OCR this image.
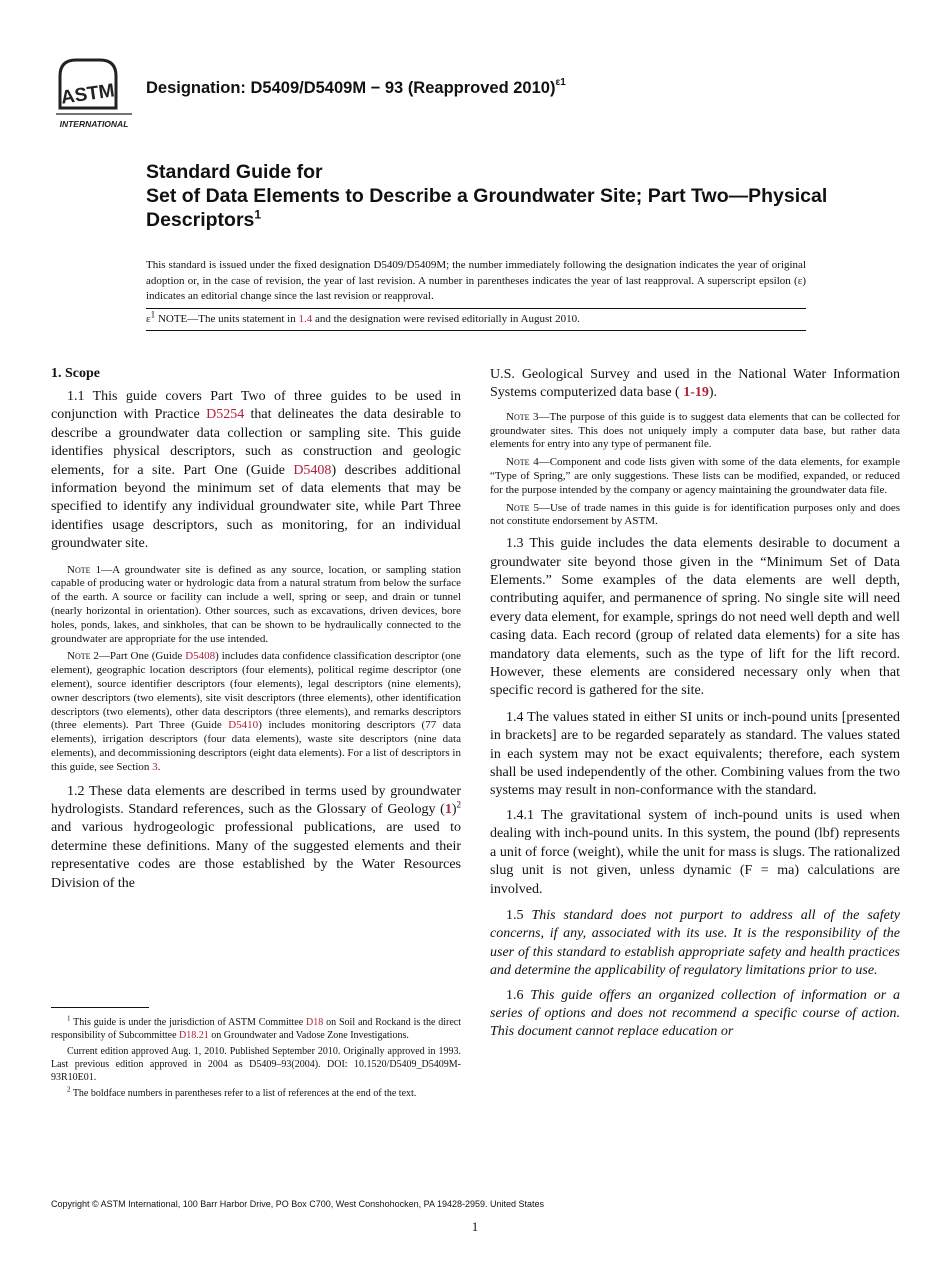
ASTM
INTERNATIONAL
Designation: D5409/D5409M − 93 (Reapproved 2010)$^{\varepsilon 1}$
Standard Guide for
Set of Data Elements to Describe a Groundwater Site; Part Two—Physical Descriptors$^1$
This standard is issued under the fixed designation D5409/D5409M; the number immediately following the designation indicates the year of original adoption or, in the case of revision, the year of last revision. A number in parentheses indicates the year of last reapproval. A superscript epsilon (ε) indicates an editorial change since the last revision or reapproval.
$\varepsilon^1$ NOTE—The units statement in 1.4 and the designation were revised editorially in August 2010.
1. Scope

1.1 This guide covers Part Two of three guides to be used in conjunction with Practice D5254 that delineates the data desirable to describe a groundwater data collection or sampling site. This guide identifies physical descriptors, such as construction and geologic elements, for a site. Part One (Guide D5408) describes additional information beyond the minimum set of data elements that may be specified to identify any individual groundwater site, while Part Three identifies usage descriptors, such as monitoring, for an individual groundwater site.

Note 1—A groundwater site is defined as any source, location, or sampling station capable of producing water or hydrologic data from a natural stratum from below the surface of the earth. A source or facility can include a well, spring or seep, and drain or tunnel (nearly horizontal in orientation). Other sources, such as excavations, driven devices, bore holes, ponds, lakes, and sinkholes, that can be shown to be hydraulically connected to the groundwater are appropriate for the use intended.

Note 2—Part One (Guide D5408) includes data confidence classification descriptor (one element), geographic location descriptors (four elements), political regime descriptor (one element), source identifier descriptors (four elements), legal descriptors (nine elements), owner descriptors (two elements), site visit descriptors (three elements), other identification descriptors (two elements), other data descriptors (three elements), and remarks descriptors (three elements). Part Three (Guide D5410) includes monitoring descriptors (77 data elements), irrigation descriptors (four data elements), waste site descriptors (nine data elements), and decommissioning descriptors (eight data elements). For a list of descriptors in this guide, see Section 3.

1.2 These data elements are described in terms used by groundwater hydrologists. Standard references, such as the Glossary of Geology $(1)^2$ and various hydrogeologic professional publications, are used to determine these definitions. Many of the suggested elements and their representative codes are those established by the Water Resources Division of the

$^1$ This guide is under the jurisdiction of ASTM Committee D18 on Soil and Rockand is the direct responsibility of Subcommittee D18.21 on Groundwater and Vadose Zone Investigations.

Current edition approved Aug. 1, 2010. Published September 2010. Originally approved in 1993. Last previous edition approved in 2004 as D5409–93(2004). DOI: 10.1520/D5409_D5409M-93R10E01.

$^2$ The boldface numbers in parentheses refer to a list of references at the end of the text.

U.S. Geological Survey and used in the National Water Information Systems computerized data base ( 1-19).

Note 3—The purpose of this guide is to suggest data elements that can be collected for groundwater sites. This does not uniquely imply a computer data base, but rather data elements for entry into any type of permanent file.

Note 4—Component and code lists given with some of the data elements, for example “Type of Spring,” are only suggestions. These lists can be modified, expanded, or reduced for the purpose intended by the company or agency maintaining the groundwater data file.

Note 5—Use of trade names in this guide is for identification purposes only and does not constitute endorsement by ASTM.

1.3 This guide includes the data elements desirable to document a groundwater site beyond those given in the “Minimum Set of Data Elements.” Some examples of the data elements are well depth, contributing aquifer, and permanence of spring. No single site will need every data element, for example, springs do not need well depth and well casing data. Each record (group of related data elements) for a site has mandatory data elements, such as the type of lift for the lift record. However, these elements are considered necessary only when that specific record is gathered for the site.

1.4 The values stated in either SI units or inch-pound units [presented in brackets] are to be regarded separately as standard. The values stated in each system may not be exact equivalents; therefore, each system shall be used independently of the other. Combining values from the two systems may result in non-conformance with the standard.

1.4.1 The gravitational system of inch-pound units is used when dealing with inch-pound units. In this system, the pound (lbf) represents a unit of force (weight), while the unit for mass is slugs. The rationalized slug unit is not given, unless dynamic (F = ma) calculations are involved.

1.5 This standard does not purport to address all of the safety concerns, if any, associated with its use. It is the responsibility of the user of this standard to establish appropriate safety and health practices and determine the applicability of regulatory limitations prior to use.

1.6 This guide offers an organized collection of information or a series of options and does not recommend a specific course of action. This document cannot replace education or

Copyright © ASTM International, 100 Barr Harbor Drive, PO Box C700, West Conshohocken, PA 19428-2959. United States
1
